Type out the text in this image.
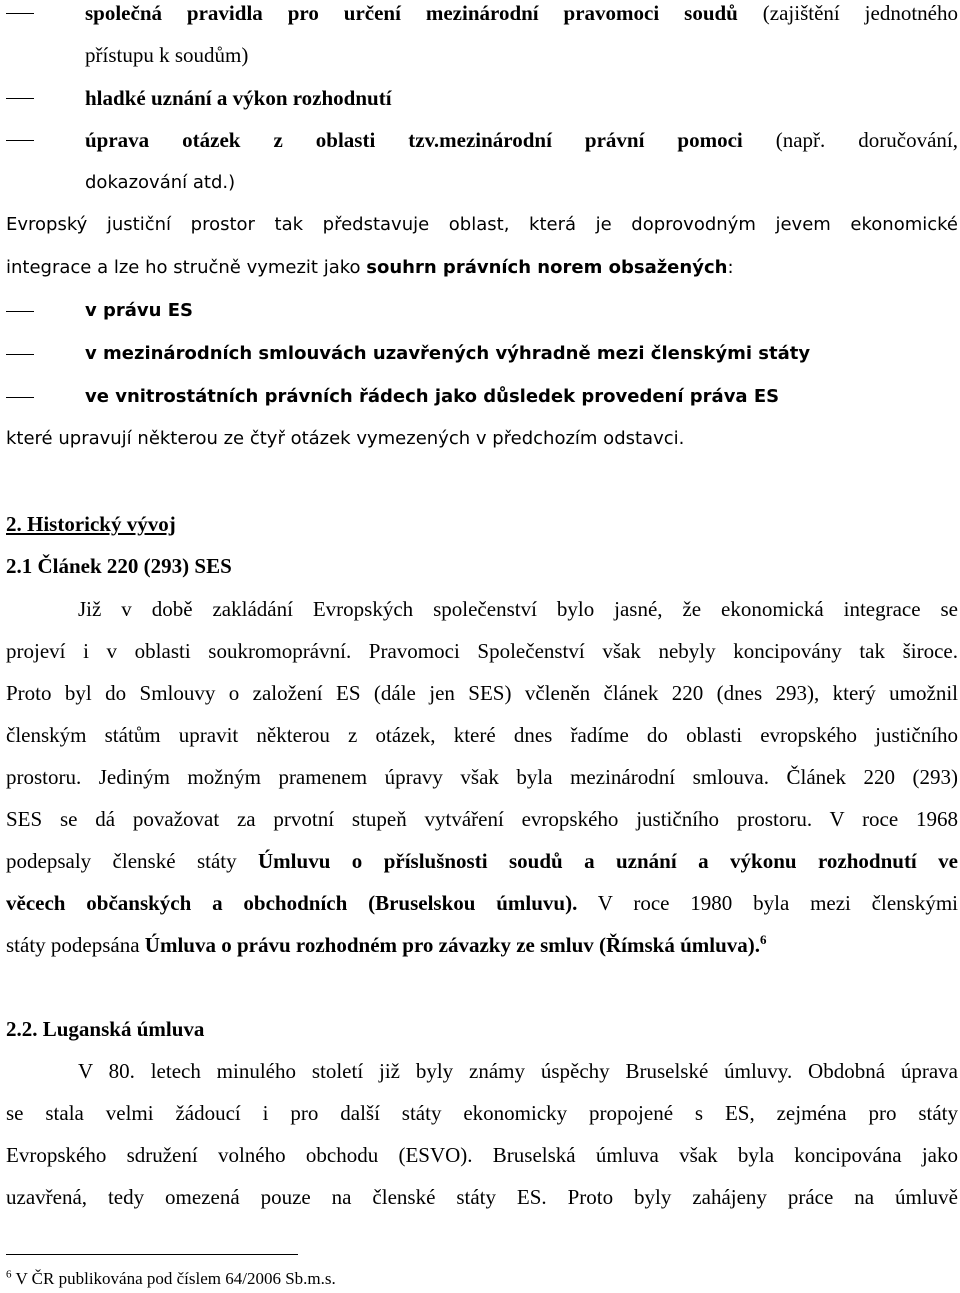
společná pravidla pro určení mezinárodní pravomoci soudů (zajištění jednotného
přístupu k soudům)
hladké uznání a výkon rozhodnutí
úprava otázek z oblasti tzv.mezinárodní právní pomoci (např. doručování,
dokazování atd.)
Evropský justiční prostor tak představuje oblast, která je doprovodným jevem ekonomické
integrace a lze ho stručně vymezit jako souhrn právních norem obsažených:
v právu ES
v mezinárodních smlouvách uzavřených výhradně mezi členskými státy
ve vnitrostátních právních řádech jako důsledek provedení práva ES
které upravují některou ze čtyř otázek vymezených v předchozím odstavci.
2. Historický vývoj
2.1 Článek 220 (293) SES
Již v době zakládání Evropských společenství bylo jasné, že ekonomická integrace se
projeví i v oblasti soukromoprávní. Pravomoci Společenství však nebyly koncipovány tak široce.
Proto byl do Smlouvy o založení ES (dále jen SES) včleněn článek 220 (dnes 293), který umožnil
členským státům upravit některou z otázek, které dnes řadíme do oblasti evropského justičního
prostoru. Jediným možným pramenem úpravy však byla mezinárodní smlouva. Článek 220 (293)
SES se dá považovat za prvotní stupeň vytváření evropského justičního prostoru. V roce 1968
podepsaly členské státy Úmluvu o příslušnosti soudů a uznání a výkonu rozhodnutí ve
věcech občanských a obchodních (Bruselskou úmluvu). V roce 1980 byla mezi členskými
státy podepsána Úmluva o právu rozhodném pro závazky ze smluv (Římská úmluva).$^6$
2.2. Luganská úmluva
V 80. letech minulého století již byly známy úspěchy Bruselské úmluvy. Obdobná úprava
se stala velmi žádoucí i pro další státy ekonomicky propojené s ES, zejména pro státy
Evropského sdružení volného obchodu (ESVO). Bruselská úmluva však byla koncipována jako
uzavřená, tedy omezená pouze na členské státy ES. Proto byly zahájeny práce na úmluvě
$^6$ V ČR publikována pod číslem 64/2006 Sb.m.s.
